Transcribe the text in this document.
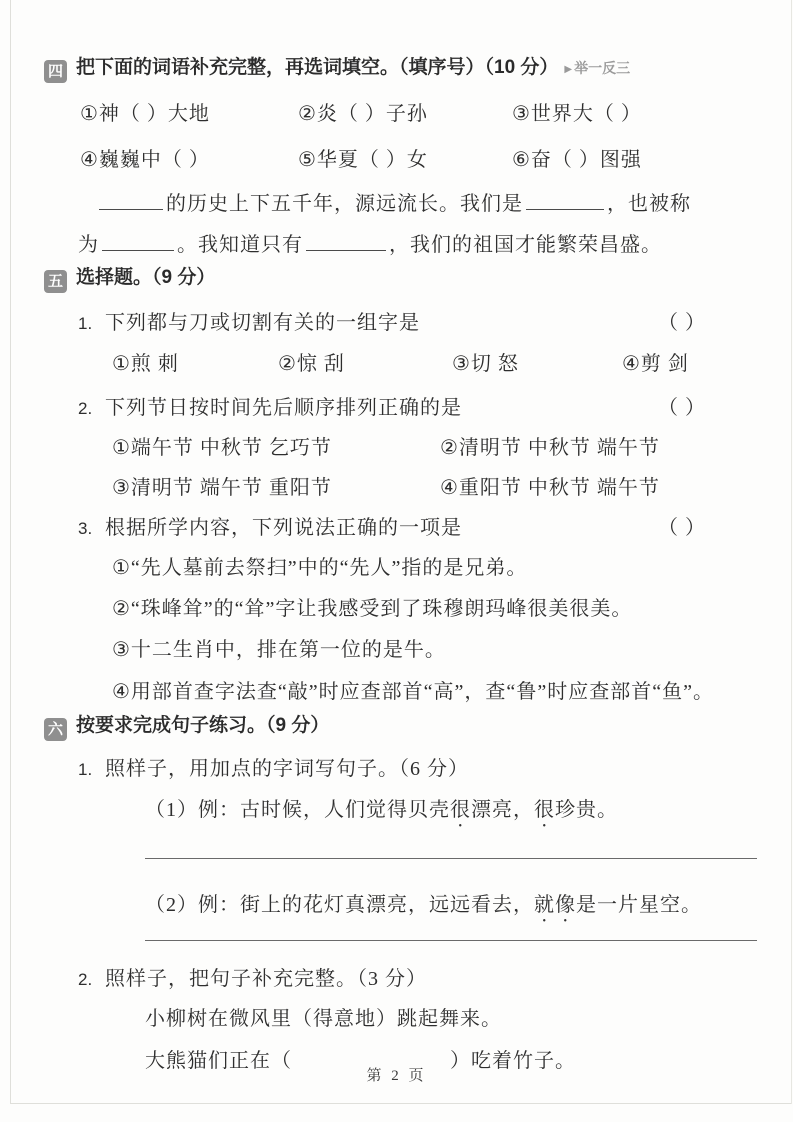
四 把下面的词语补充完整，再选词填空。（填序号）（10 分） ▶ 举一反三
①神（ ）大地	②炎（ ）子孙	③世界大（ ）
④巍巍中（ ）	⑤华夏（ ）女	⑥奋（ ）图强
的历史上下五千年，源远流长。我们是	，也被称
为	。我知道只有	，我们的祖国才能繁荣昌盛。
五 选择题。（9 分）
1. 下列都与刀或切割有关的一组字是	（ ）
①煎 刺	②惊 刮	③切 怒	④剪 剑
2. 下列节日按时间先后顺序排列正确的是	（ ）
①端午节 中秋节 乞巧节	②清明节 中秋节 端午节
③清明节 端午节 重阳节	④重阳节 中秋节 端午节
3. 根据所学内容，下列说法正确的一项是	（ ）
①“先人墓前去祭扫”中的“先人”指的是兄弟。
②“珠峰耸”的“耸”字让我感受到了珠穆朗玛峰很美很美。
③十二生肖中，排在第一位的是牛。
④用部首查字法查“敲”时应查部首“高”，查“鲁”时应查部首“鱼”。
六 按要求完成句子练习。（9 分）
1. 照样子，用加点的字词写句子。（6 分）
（1）例：古时候，人们觉得贝壳很漂亮，很珍贵。
（2）例：街上的花灯真漂亮，远远看去，就像是一片星空。
2. 照样子，把句子补充完整。（3 分）
小柳树在微风里（得意地）跳起舞来。
大熊猫们正在（	）吃着竹子。
第 2 页
